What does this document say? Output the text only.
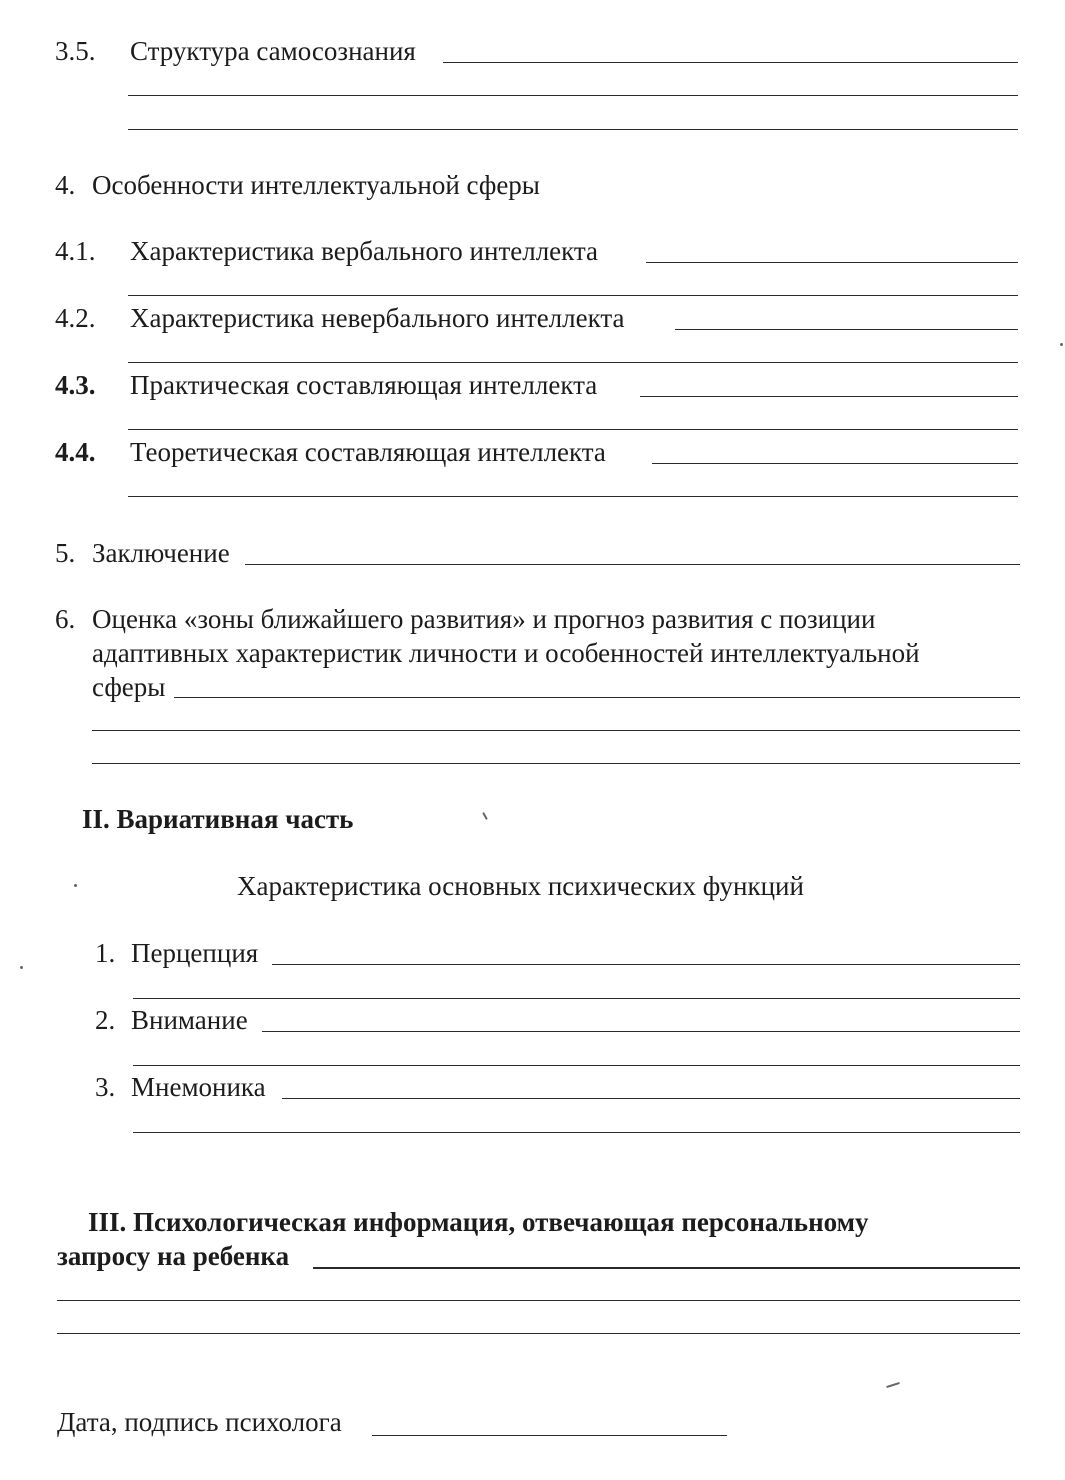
3.5. Структура самосознания
4. Особенности интеллектуальной сферы
4.1. Характеристика вербального интеллекта
4.2. Характеристика невербального интеллекта
4.3. Практическая составляющая интеллекта
4.4. Теоретическая составляющая интеллекта
5. Заключение
6. Оценка «зоны ближайшего развития» и прогноз развития с позиции
адаптивных характеристик личности и особенностей интеллектуальной
сферы
II. Вариативная часть
Характеристика основных психических функций
1. Перцепция
2. Внимание
3. Мнемоника
III. Психологическая информация, отвечающая персональному
запросу на ребенка
Дата, подпись психолога
